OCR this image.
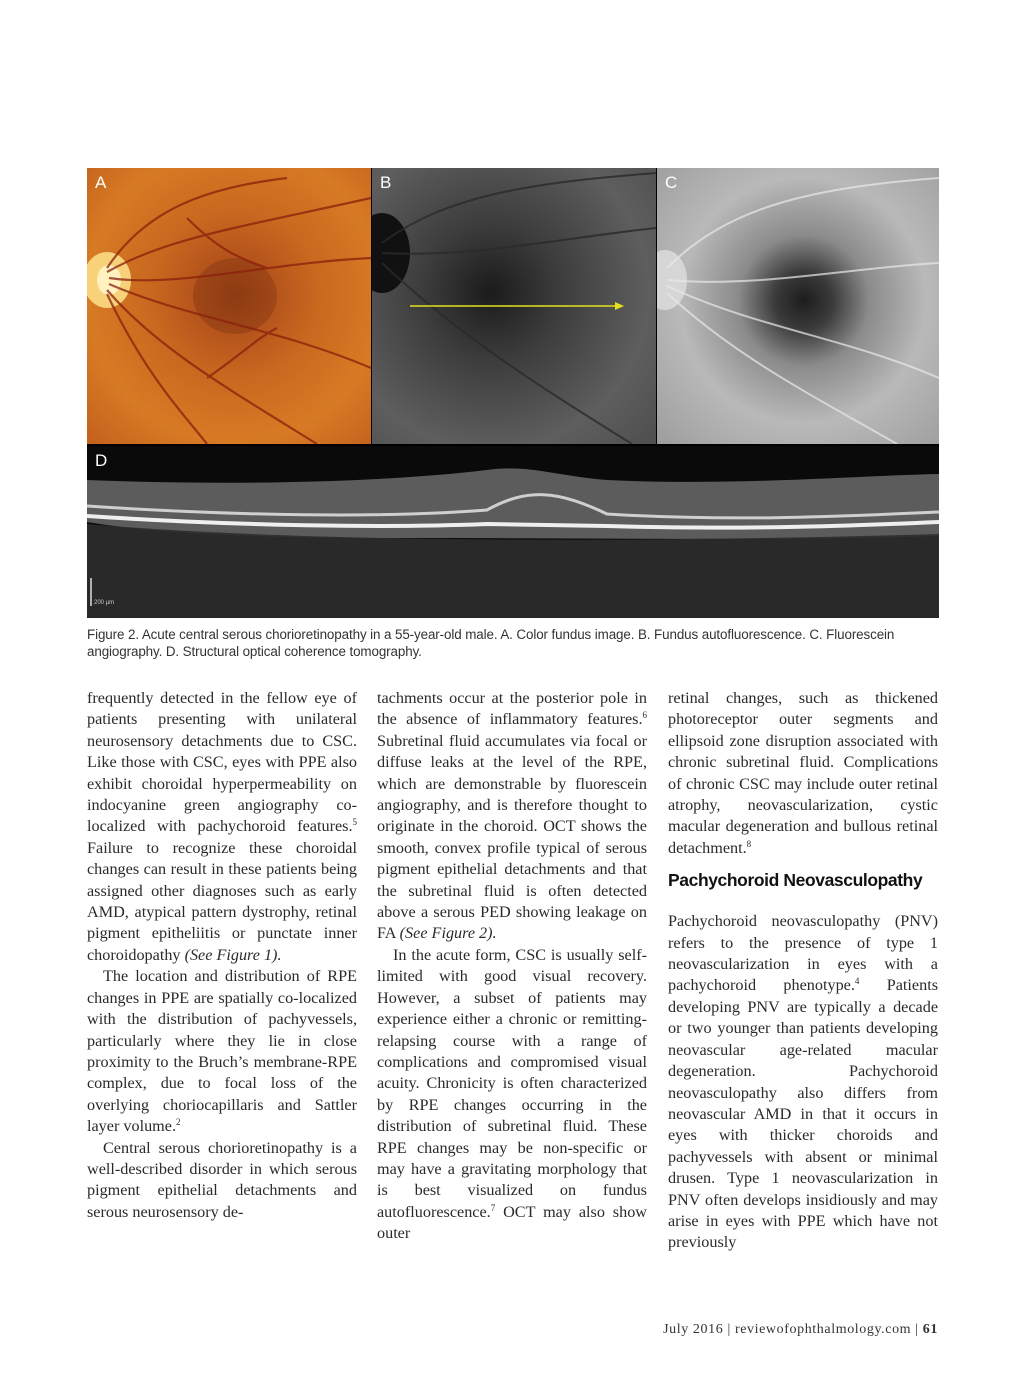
A	B	C
D
200 µm
Figure 2. Acute central serous chorioretinopathy in a 55-year-old male. A. Color fundus image. B. Fundus autofluorescence. C. Fluorescein angiography. D. Structural optical coherence tomography.

frequently detected in the fellow eye of patients presenting with unilateral neurosensory detachments due to CSC. Like those with CSC, eyes with PPE also exhibit choroidal hyperpermeability on indocyanine green angiography co-localized with pachychoroid features.$^5$ Failure to recognize these choroidal changes can result in these patients being assigned other diagnoses such as early AMD, atypical pattern dystrophy, retinal pigment epitheliitis or punctate inner choroidopathy (See Figure 1).

The location and distribution of RPE changes in PPE are spatially co-localized with the distribution of pachyvessels, particularly where they lie in close proximity to the Bruch’s membrane-RPE complex, due to focal loss of the overlying choriocapillaris and Sattler layer volume.$^2$

Central serous chorioretinopathy is a well-described disorder in which serous pigment epithelial detachments and serous neurosensory de-

tachments occur at the posterior pole in the absence of inflammatory features.$^6$ Subretinal fluid accumulates via focal or diffuse leaks at the level of the RPE, which are demonstrable by fluorescein angiography, and is therefore thought to originate in the choroid. OCT shows the smooth, convex profile typical of serous pigment epithelial detachments and that the subretinal fluid is often detected above a serous PED showing leakage on FA (See Figure 2).

In the acute form, CSC is usually self-limited with good visual recovery. However, a subset of patients may experience either a chronic or remitting-relapsing course with a range of complications and compromised visual acuity. Chronicity is often characterized by RPE changes occurring in the distribution of subretinal fluid. These RPE changes may be non-specific or may have a gravitating morphology that is best visualized on fundus autofluorescence.$^7$ OCT may also show outer

retinal changes, such as thickened photoreceptor outer segments and ellipsoid zone disruption associated with chronic subretinal fluid. Complications of chronic CSC may include outer retinal atrophy, neovascularization, cystic macular degeneration and bullous retinal detachment.$^8$

Pachychoroid Neovasculopathy

Pachychoroid neovasculopathy (PNV) refers to the presence of type 1 neovascularization in eyes with a pachychoroid phenotype.$^4$ Patients developing PNV are typically a decade or two younger than patients developing neovascular age-related macular degeneration. Pachychoroid neovasculopathy also differs from neovascular AMD in that it occurs in eyes with thicker choroids and pachyvessels with absent or minimal drusen. Type 1 neovascularization in PNV often develops insidiously and may arise in eyes with PPE which have not previously

July 2016 | reviewofophthalmology.com | 61
